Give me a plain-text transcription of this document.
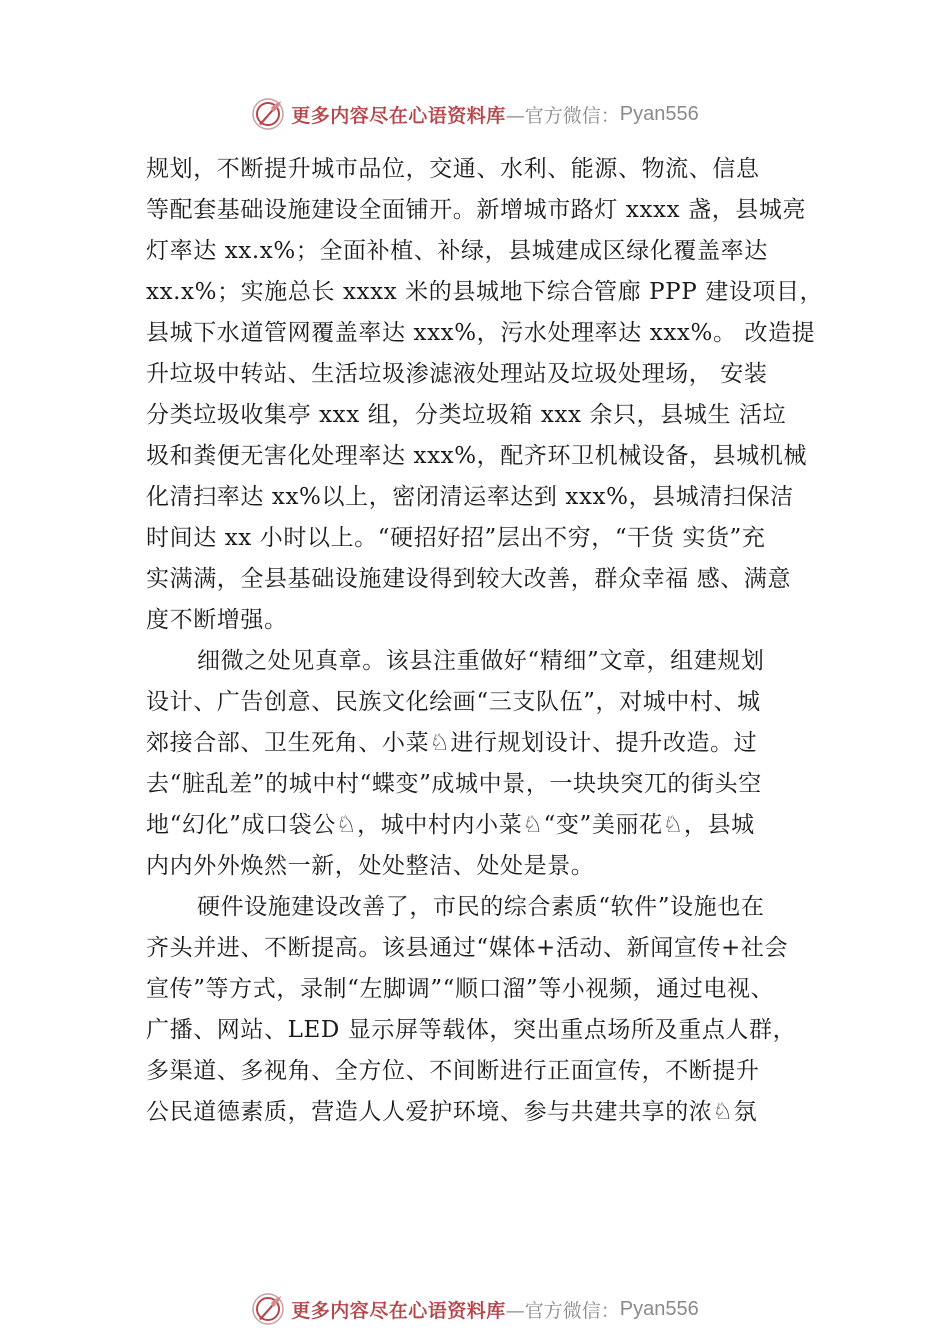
更多内容尽在心语资料库 —官方微信： Pyan556
规划，不断提升城市品位，交通、水利、能源、物流、信息
等配套基础设施建设全面铺开。新增城市路灯 xxxx 盏，县城亮
灯率达 xx.x%；全面补植、补绿，县城建成区绿化覆盖率达
xx.x%；实施总长 xxxx 米的县城地下综合管廊 PPP 建设项目，
县城下水道管网覆盖率达 xxx%，污水处理率达 xxx%。 改造提
升垃圾中转站、生活垃圾渗滤液处理站及垃圾处理场， 安装
分类垃圾收集亭 xxx 组，分类垃圾箱 xxx 余只，县城生 活垃
圾和粪便无害化处理率达 xxx%，配齐环卫机械设备，县城机械
化清扫率达 xx%以上，密闭清运率达到 xxx%，县城清扫保洁
时间达 xx 小时以上。“硬招好招”层出不穷，“干货 实货”充
实满满，全县基础设施建设得到较大改善，群众幸福 感、满意
度不断增强。
细微之处见真章。该县注重做好“精细”文章，组建规划
设计、广告创意、民族文化绘画“三支队伍”，对城中村、城
郊接合部、卫生死角、小菜♘进行规划设计、提升改造。过
去“脏乱差”的城中村“蝶变”成城中景，一块块突兀的街头空
地“幻化”成口袋公♘，城中村内小菜♘“变”美丽花♘，县城
内内外外焕然一新，处处整洁、处处是景。
硬件设施建设改善了，市民的综合素质“软件”设施也在
齐头并进、不断提高。该县通过“媒体+活动、新闻宣传+社会
宣传”等方式，录制“左脚调”“顺口溜”等小视频，通过电视、
广播、网站、LED 显示屏等载体，突出重点场所及重点人群，
多渠道、多视角、全方位、不间断进行正面宣传，不断提升
公民道德素质，营造人人爱护环境、参与共建共享的浓♘氛
更多内容尽在心语资料库 —官方微信： Pyan556
